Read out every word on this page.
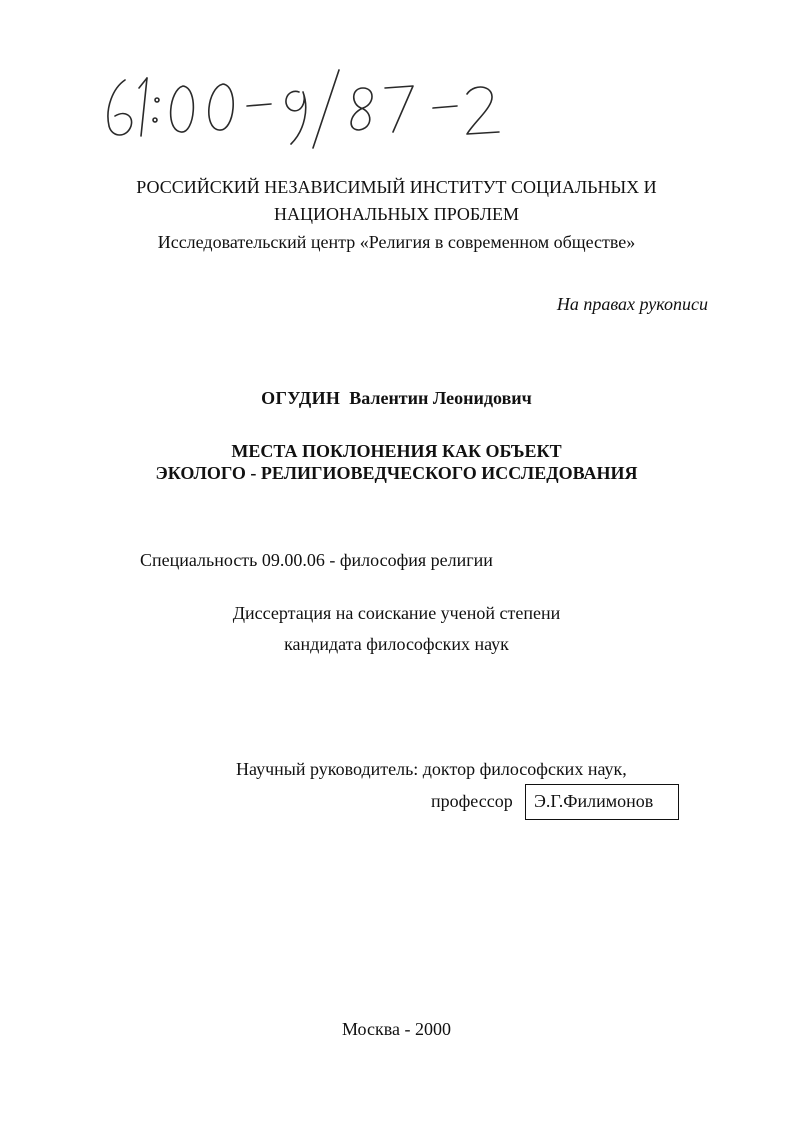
РОССИЙСКИЙ НЕЗАВИСИМЫЙ ИНСТИТУТ СОЦИАЛЬНЫХ И
НАЦИОНАЛЬНЫХ ПРОБЛЕМ
Исследовательский центр «Религия в современном обществе»
На правах рукописи
ОГУДИН Валентин Леонидович
МЕСТА ПОКЛОНЕНИЯ КАК ОБЪЕКТ
ЭКОЛОГО - РЕЛИГИОВЕДЧЕСКОГО ИССЛЕДОВАНИЯ
Специальность 09.00.06 - философия религии
Диссертация на соискание ученой степени
кандидата философских наук
Научный руководитель: доктор философских наук,
профессор Э.Г.Филимонов
Москва - 2000
